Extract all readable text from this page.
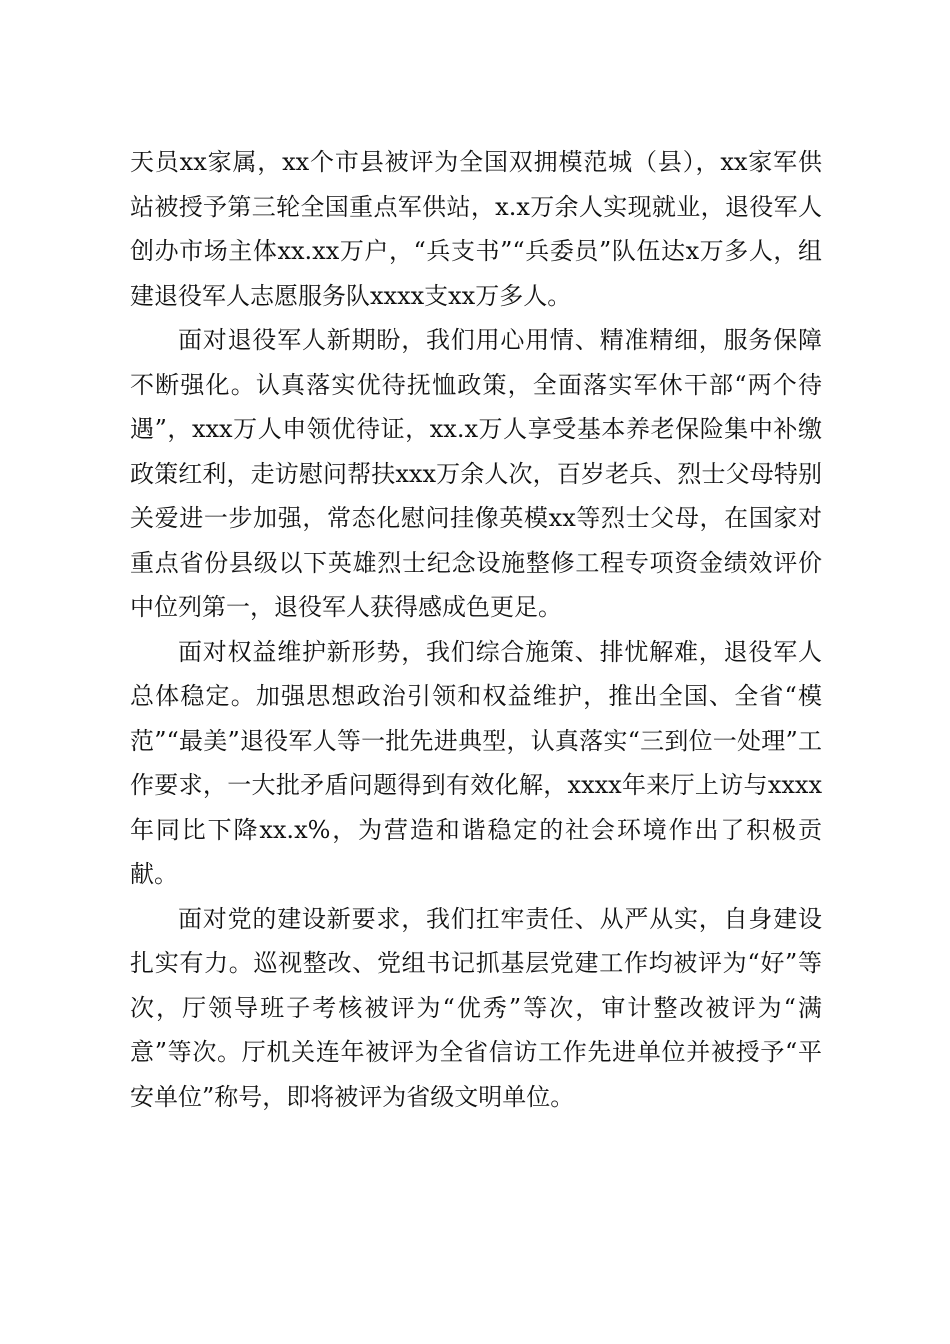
天员xx家属，xx个市县被评为全国双拥模范城（县），xx家军供站被授予第三轮全国重点军供站，x.x万余人实现就业，退役军人创办市场主体xx.xx万户，“兵支书”“兵委员”队伍达x万多人，组建退役军人志愿服务队xxxx支xx万多人。

面对退役军人新期盼，我们用心用情、精准精细，服务保障不断强化。认真落实优待抚恤政策，全面落实军休干部“两个待遇”，xxx万人申领优待证，xx.x万人享受基本养老保险集中补缴政策红利，走访慰问帮扶xxx万余人次，百岁老兵、烈士父母特别关爱进一步加强，常态化慰问挂像英模xx等烈士父母，在国家对重点省份县级以下英雄烈士纪念设施整修工程专项资金绩效评价中位列第一，退役军人获得感成色更足。

面对权益维护新形势，我们综合施策、排忧解难，退役军人总体稳定。加强思想政治引领和权益维护，推出全国、全省“模范”“最美”退役军人等一批先进典型，认真落实“三到位一处理”工作要求，一大批矛盾问题得到有效化解，xxxx年来厅上访与xxxx年同比下降xx.x%，为营造和谐稳定的社会环境作出了积极贡献。

面对党的建设新要求，我们扛牢责任、从严从实，自身建设扎实有力。巡视整改、党组书记抓基层党建工作均被评为“好”等次，厅领导班子考核被评为“优秀”等次，审计整改被评为“满意”等次。厅机关连年被评为全省信访工作先进单位并被授予“平安单位”称号，即将被评为省级文明单位。
